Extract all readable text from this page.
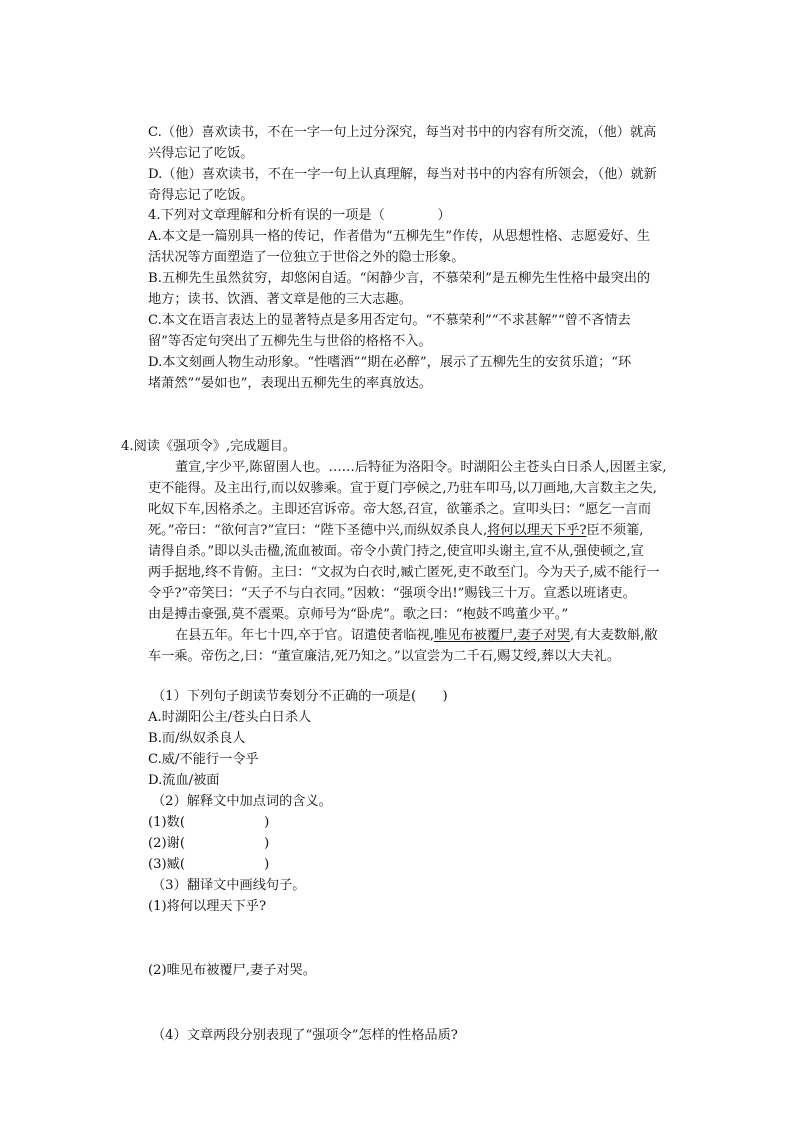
C.（他）喜欢读书，不在一字一句上过分深究，每当对书中的内容有所交流，（他）就高
兴得忘记了吃饭。
D.（他）喜欢读书，不在一字一句上认真理解，每当对书中的内容有所领会，（他）就新
奇得忘记了吃饭。
4.下列对文章理解和分析有误的一项是（　　　　）
A.本文是一篇别具一格的传记，作者借为“五柳先生”作传，从思想性格、志愿爱好、生
活状况等方面塑造了一位独立于世俗之外的隐士形象。
B.五柳先生虽然贫穷，却悠闲自适。“闲静少言，不慕荣利”是五柳先生性格中最突出的
地方；读书、饮酒、著文章是他的三大志趣。
C.本文在语言表达上的显著特点是多用否定句。“不慕荣利”“不求甚解”“曾不吝情去
留”等否定句突出了五柳先生与世俗的格格不入。
D.本文刻画人物生动形象。“性嗜酒”“期在必醉”，展示了五柳先生的安贫乐道；“环
堵萧然”“晏如也”，表现出五柳先生的率真放达。
4.阅读《强项令》,完成题目。
董宣,字少平,陈留圉人也。……后特征为洛阳令。时湖阳公主苍头白日杀人,因匿主家,
吏不能得。及主出行,而以奴骖乘。宣于夏门亭候之,乃驻车叩马,以刀画地,大言数主之失,
叱奴下车,因格杀之。主即还宫诉帝。帝大怒,召宣，欲箠杀之。宣叩头曰：“愿乞一言而
死。”帝曰：“欲何言?”宣曰：“陛下圣德中兴,而纵奴杀良人,将何以理天下乎?臣不须箠,
请得自杀。”即以头击楹,流血被面。帝令小黄门持之,使宣叩头谢主,宣不从,强使顿之,宣
两手据地,终不肯俯。主曰：“文叔为白衣时,臧亡匿死,吏不敢至门。今为天子,威不能行一
令乎?”帝笑曰：“天子不与白衣同。”因敕：“强项令出!”赐钱三十万。宣悉以班诸吏。
由是搏击豪强,莫不震栗。京师号为“卧虎”。歌之曰：“枹鼓不鸣董少平。”
在县五年。年七十四,卒于官。诏遣使者临视,唯见布被覆尸,妻子对哭,有大麦数斛,敝
车一乘。帝伤之,曰：“董宣廉洁,死乃知之。”以宣尝为二千石,赐艾绶,葬以大夫礼。
（1）下列句子朗读节奏划分不正确的一项是(　　)
A.时湖阳公主/苍头白日杀人
B.而/纵奴杀良人
C.威/不能行一令乎
D.流血/被面
（2）解释文中加点词的含义。
(1)数(　　　　　　)
(2)谢(　　　　　　)
(3)臧(　　　　　　)
（3）翻译文中画线句子。
(1)将何以理天下乎?
(2)唯见布被覆尸,妻子对哭。
（4）文章两段分别表现了“强项令”怎样的性格品质?
